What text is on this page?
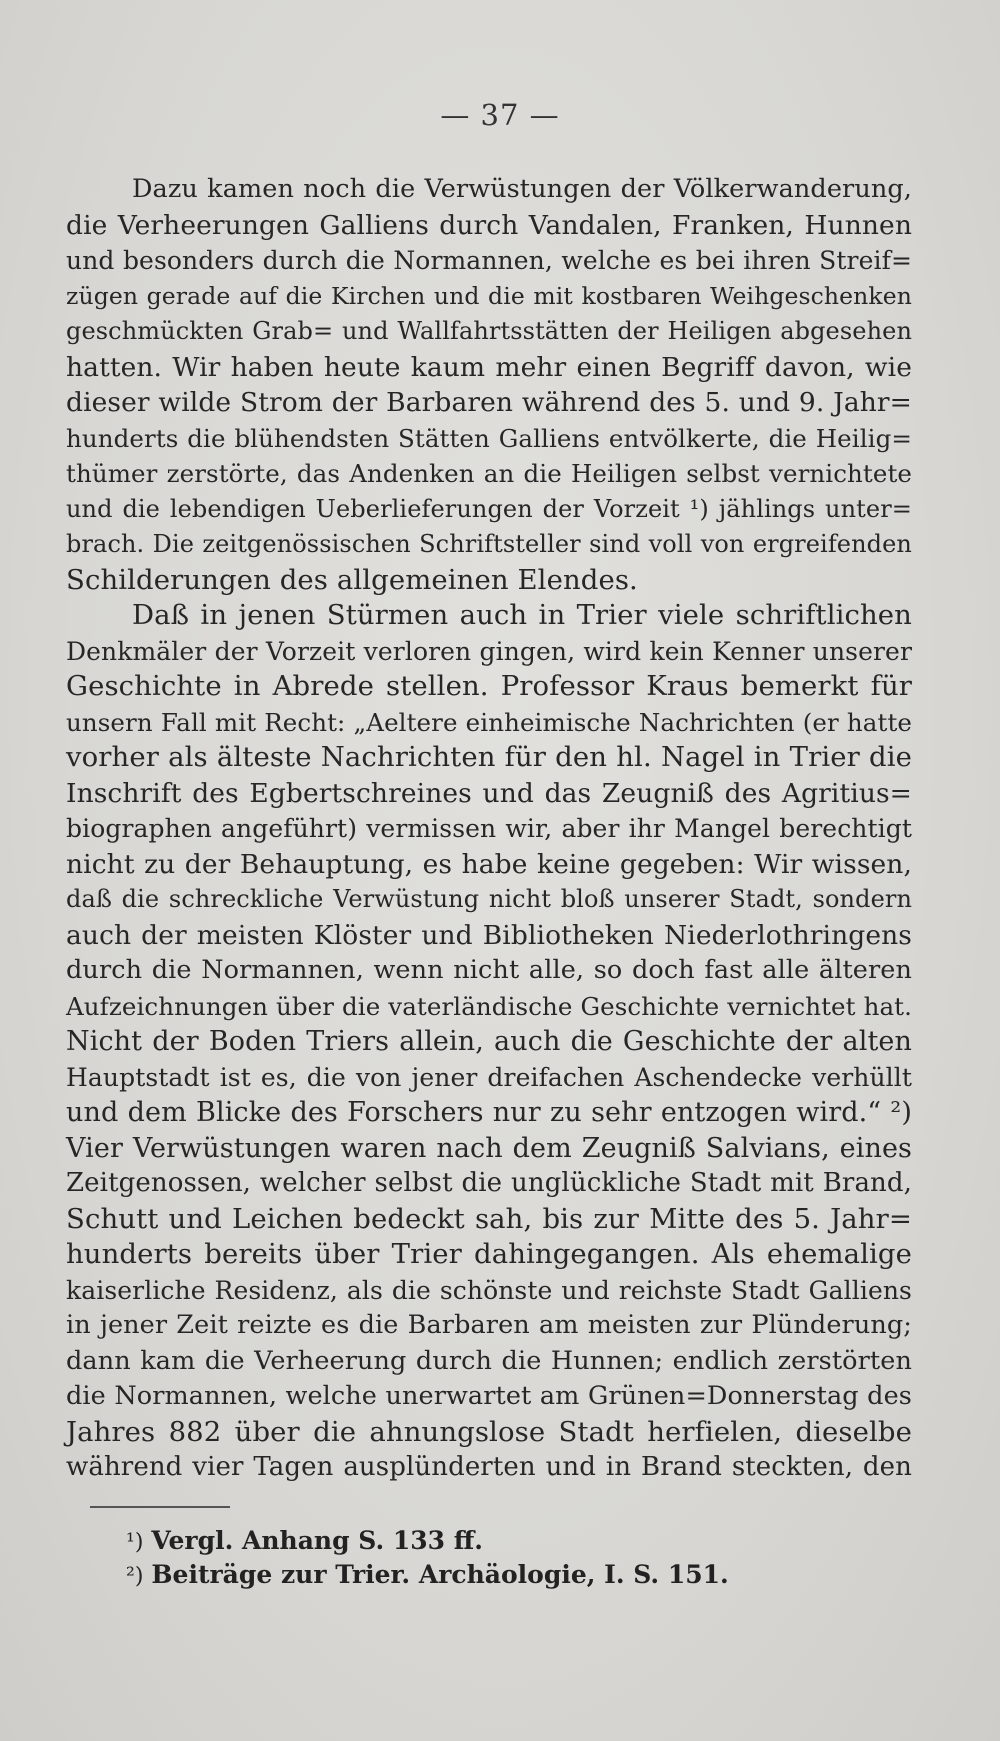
— 37 —
Dazu kamen noch die Verwüstungen der Völkerwanderung,
die Verheerungen Galliens durch Vandalen, Franken, Hunnen
und besonders durch die Normannen, welche es bei ihren Streif=
zügen gerade auf die Kirchen und die mit kostbaren Weihgeschenken
geschmückten Grab= und Wallfahrtsstätten der Heiligen abgesehen
hatten. Wir haben heute kaum mehr einen Begriff davon, wie
dieser wilde Strom der Barbaren während des 5. und 9. Jahr=
hunderts die blühendsten Stätten Galliens entvölkerte, die Heilig=
thümer zerstörte, das Andenken an die Heiligen selbst vernichtete
und die lebendigen Ueberlieferungen der Vorzeit ¹) jählings unter=
brach. Die zeitgenössischen Schriftsteller sind voll von ergreifenden
Schilderungen des allgemeinen Elendes.
Daß in jenen Stürmen auch in Trier viele schriftlichen
Denkmäler der Vorzeit verloren gingen, wird kein Kenner unserer
Geschichte in Abrede stellen. Professor Kraus bemerkt für
unsern Fall mit Recht: „Aeltere einheimische Nachrichten (er hatte
vorher als älteste Nachrichten für den hl. Nagel in Trier die
Inschrift des Egbertschreines und das Zeugniß des Agritius=
biographen angeführt) vermissen wir, aber ihr Mangel berechtigt
nicht zu der Behauptung, es habe keine gegeben: Wir wissen,
daß die schreckliche Verwüstung nicht bloß unserer Stadt, sondern
auch der meisten Klöster und Bibliotheken Niederlothringens
durch die Normannen, wenn nicht alle, so doch fast alle älteren
Aufzeichnungen über die vaterländische Geschichte vernichtet hat.
Nicht der Boden Triers allein, auch die Geschichte der alten
Hauptstadt ist es, die von jener dreifachen Aschendecke verhüllt
und dem Blicke des Forschers nur zu sehr entzogen wird.“ ²)
Vier Verwüstungen waren nach dem Zeugniß Salvians, eines
Zeitgenossen, welcher selbst die unglückliche Stadt mit Brand,
Schutt und Leichen bedeckt sah, bis zur Mitte des 5. Jahr=
hunderts bereits über Trier dahingegangen. Als ehemalige
kaiserliche Residenz, als die schönste und reichste Stadt Galliens
in jener Zeit reizte es die Barbaren am meisten zur Plünderung;
dann kam die Verheerung durch die Hunnen; endlich zerstörten
die Normannen, welche unerwartet am Grünen=Donnerstag des
Jahres 882 über die ahnungslose Stadt herfielen, dieselbe
während vier Tagen ausplünderten und in Brand steckten, den
¹) Vergl. Anhang S. 133 ff.
²) Beiträge zur Trier. Archäologie, I. S. 151.
